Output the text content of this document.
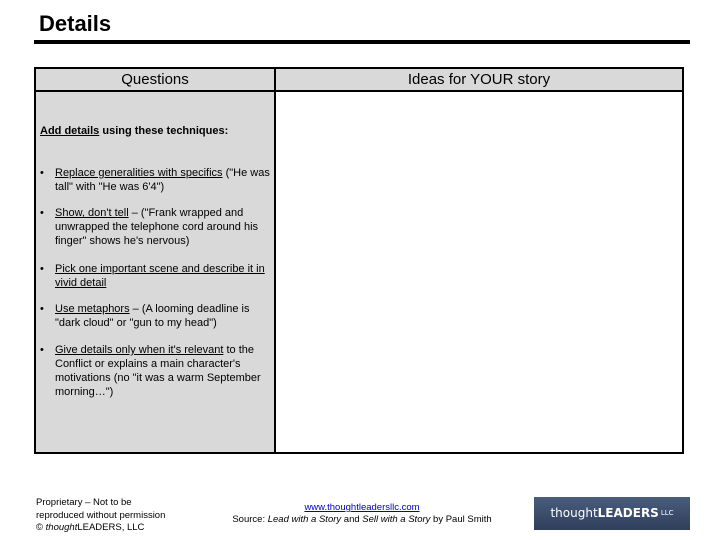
Details
Questions	Ideas for YOUR story
Add details using these techniques:
•	Replace generalities with specifics ("He was tall" with "He was 6'4")
•	Show, don't tell – ("Frank wrapped and unwrapped the telephone cord around his finger" shows he's nervous)
•	Pick one important scene and describe it in vivid detail
•	Use metaphors – (A looming deadline is "dark cloud" or "gun to my head")
•	Give details only when it's relevant to the Conflict or explains a main character's motivations (no "it was a warm September morning…")
Proprietary – Not to be
reproduced without permission
© thoughtLEADERS, LLC
www.thoughtleadersllc.com
Source: Lead with a Story and Sell with a Story by Paul Smith	thoughtLEADERS $^{LLC}$
